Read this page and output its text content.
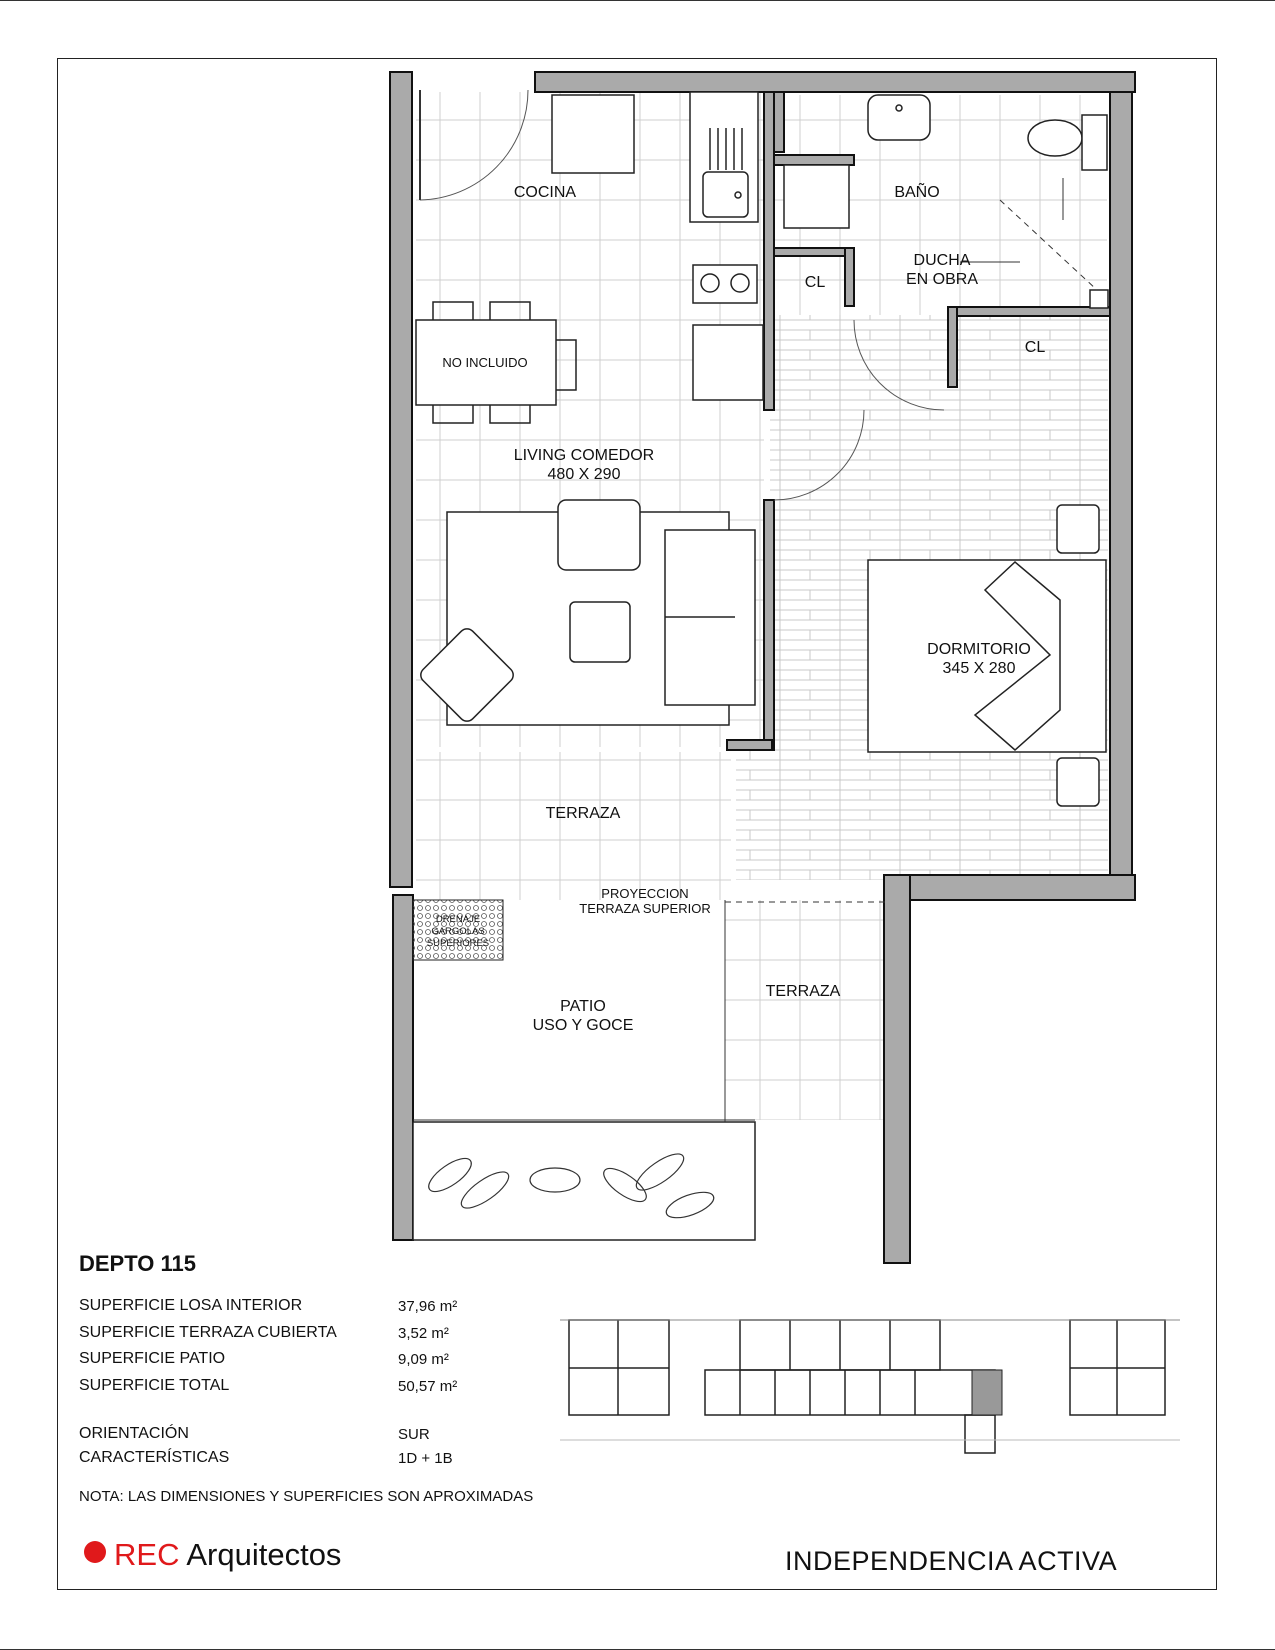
COCINA	BAÑO
DUCHA
EN OBRA
CL
CL
NO INCLUIDO
LIVING COMEDOR
480 X 290
DORMITORIO
345 X 280
TERRAZA
TERRAZA
PROYECCION
TERRAZA SUPERIOR
DRENAJE
GARGOLAS
SUPERIORES
PATIO
USO Y GOCE
DEPTO 115
SUPERFICIE LOSA INTERIOR	37,96 m²
SUPERFICIE TERRAZA CUBIERTA	3,52 m²
SUPERFICIE PATIO	9,09 m²
SUPERFICIE TOTAL	50,57 m²
ORIENTACIÓN	SUR
CARACTERÍSTICAS	1D + 1B
NOTA: LAS DIMENSIONES Y SUPERFICIES SON APROXIMADAS
REC Arquitectos	INDEPENDENCIA ACTIVA
